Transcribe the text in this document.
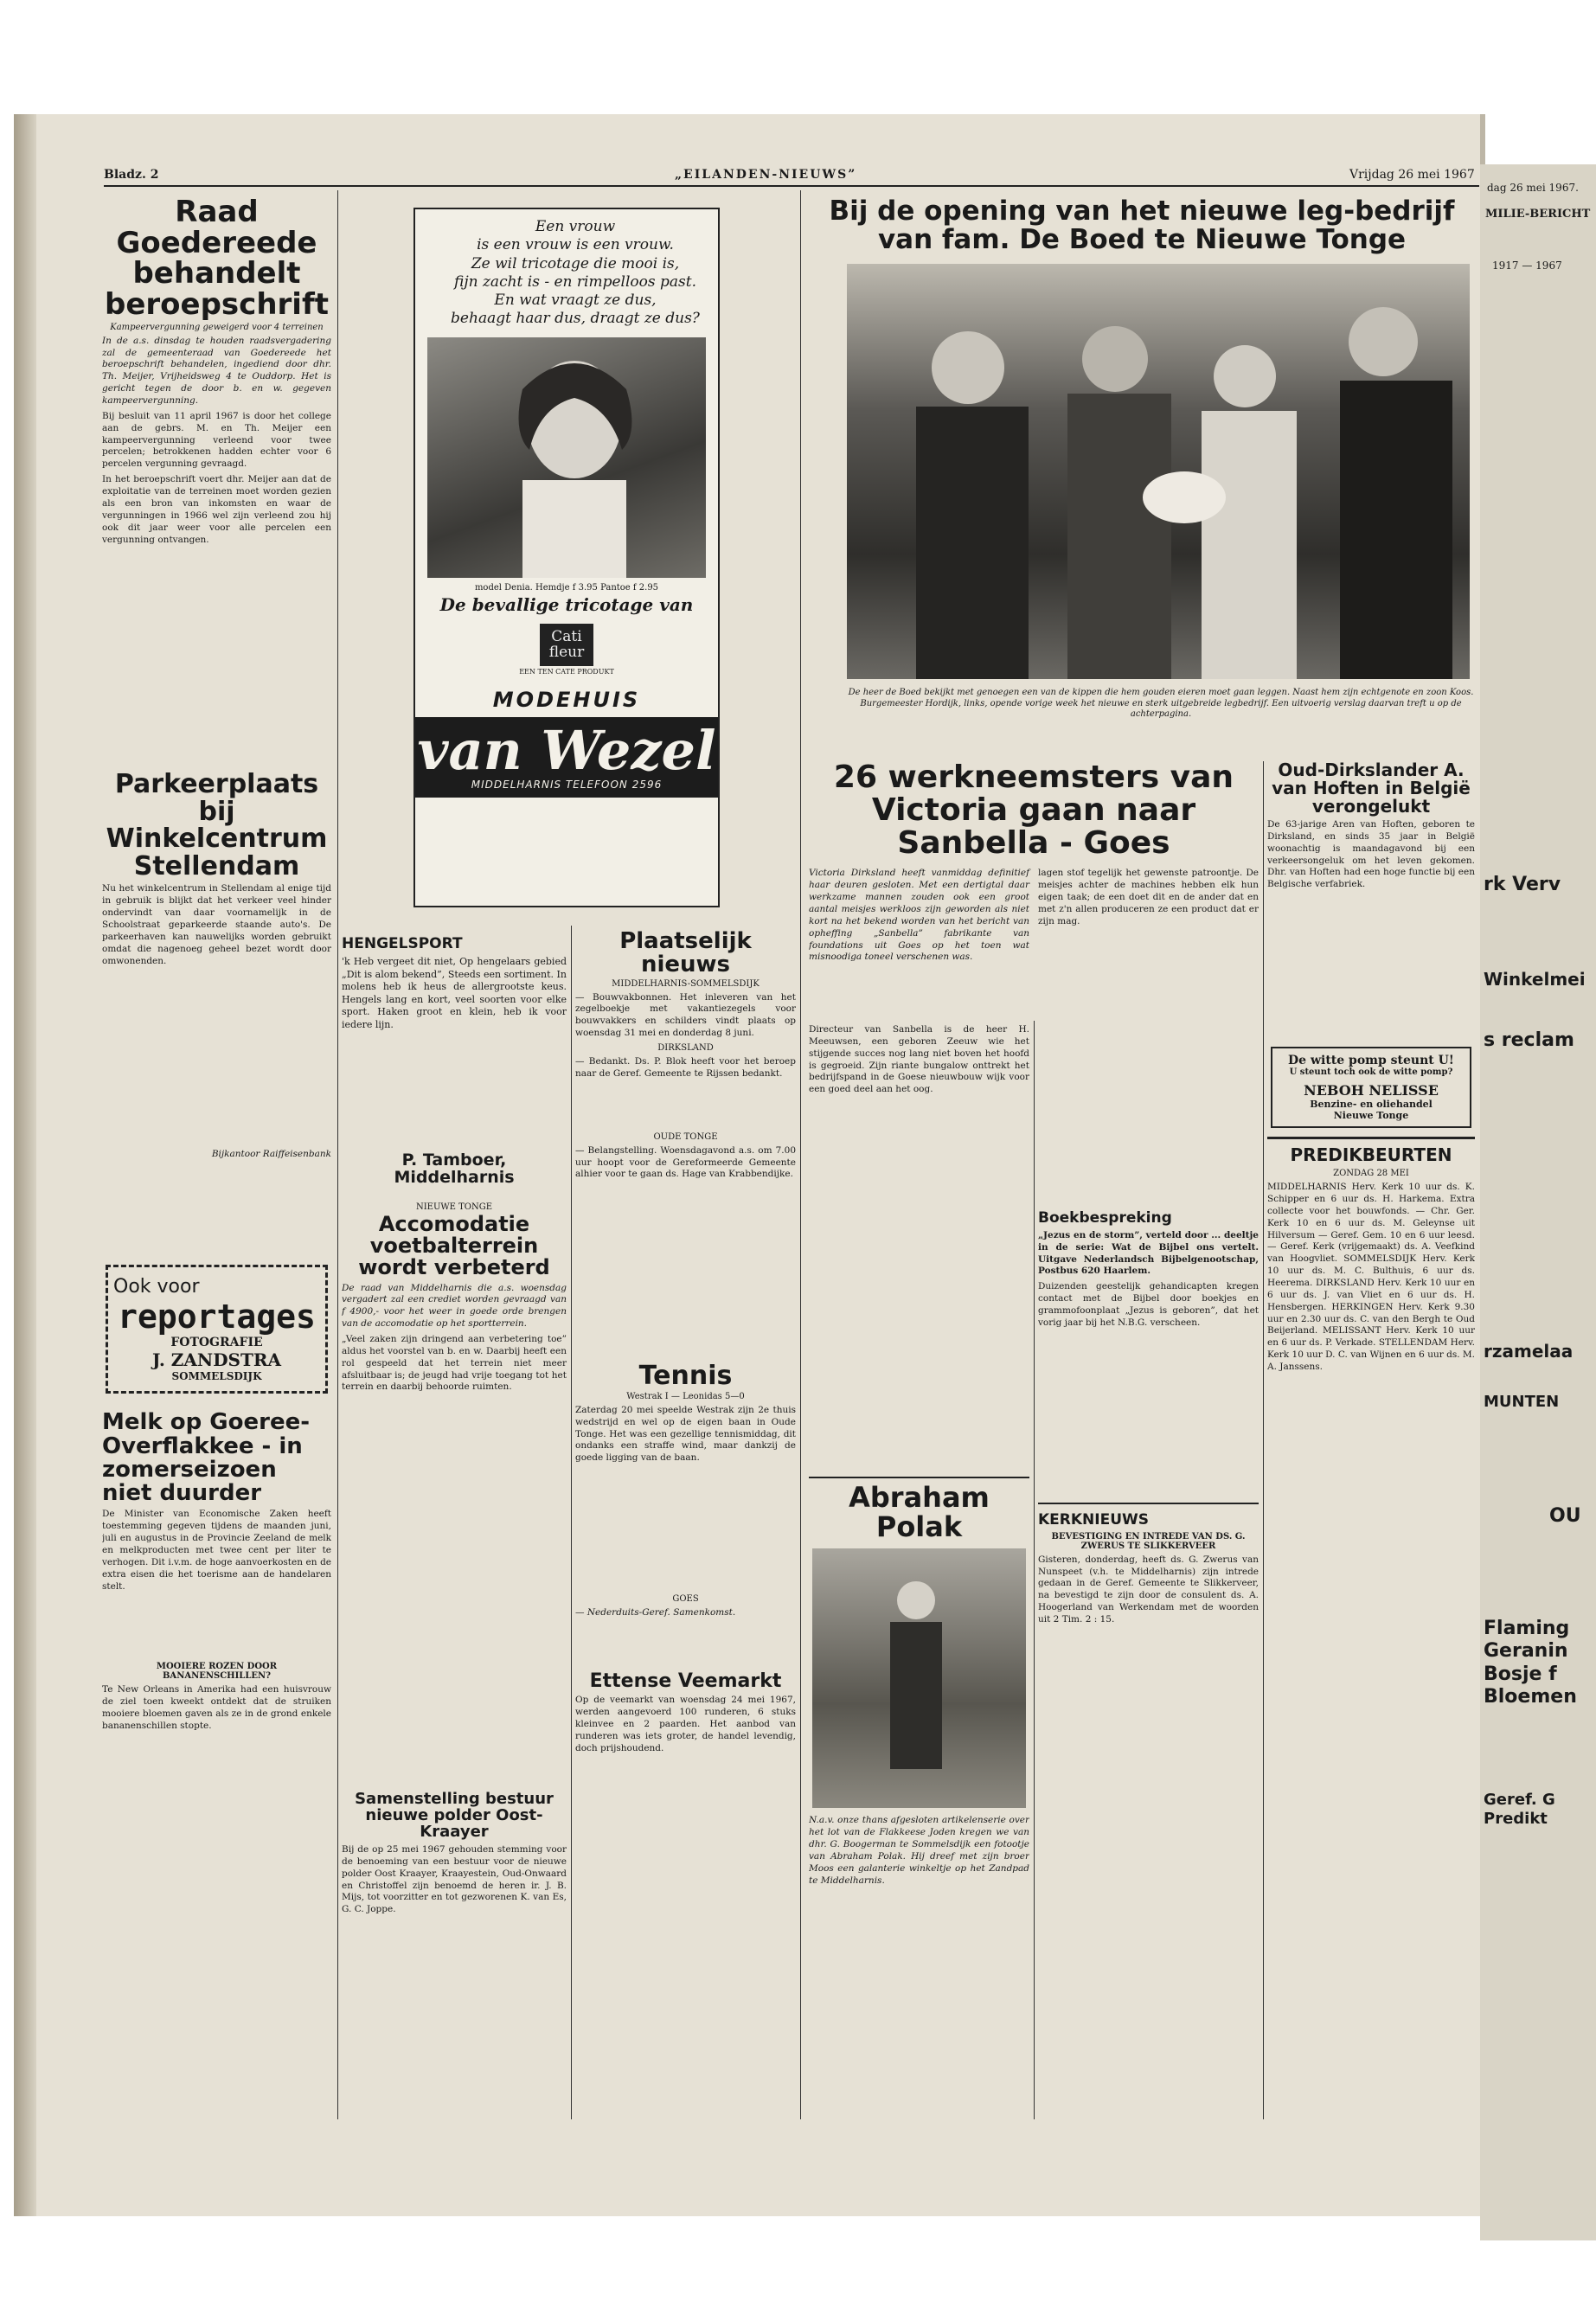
Bladz. 2	„EILANDEN-NIEUWS”	Vrijdag 26 mei 1967
Raad Goedereede behandelt beroepschrift

Kampeervergunning geweigerd voor 4 terreinen

In de a.s. dinsdag te houden raadsvergadering zal de gemeenteraad van Goedereede het beroepschrift behandelen, ingediend door dhr. Th. Meijer, Vrijheidsweg 4 te Ouddorp. Het is gericht tegen de door b. en w. gegeven kampeervergunning.

Bij besluit van 11 april 1967 is door het college aan de gebrs. M. en Th. Meijer een kampeervergunning verleend voor twee percelen; betrokkenen hadden echter voor 6 percelen vergunning gevraagd.

In het beroepschrift voert dhr. Meijer aan dat de exploitatie van de terreinen moet worden gezien als een bron van inkomsten en waar de vergunningen in 1966 wel zijn verleend zou hij ook dit jaar weer voor alle percelen een vergunning ontvangen.

Parkeerplaats bij Winkelcentrum Stellendam

Nu het winkelcentrum in Stellendam al enige tijd in gebruik is blijkt dat het verkeer veel hinder ondervindt van daar voornamelijk in de Schoolstraat geparkeerde staande auto's. De parkeerhaven kan nauwelijks worden gebruikt omdat die nagenoeg geheel bezet wordt door omwonenden.

Bijkantoor Raiffeisenbank

Ook voor
reportages
FOTOGRAFIE
J. ZANDSTRA
SOMMELSDIJK
Melk op Goeree-Overflakkee - in zomerseizoen niet duurder

De Minister van Economische Zaken heeft toestemming gegeven tijdens de maanden juni, juli en augustus in de Provincie Zeeland de melk en melkproducten met twee cent per liter te verhogen. Dit i.v.m. de hoge aanvoerkosten en de extra eisen die het toerisme aan de handelaren stelt.

MOOIERE ROZEN DOOR BANANENSCHILLEN?

Te New Orleans in Amerika had een huisvrouw de ziel toen kweekt ontdekt dat de struiken mooiere bloemen gaven als ze in de grond enkele bananenschillen stopte.

Een vrouw
is een vrouw is een vrouw.
Ze wil tricotage die mooi is,
fijn zacht is - en rimpelloos past.
En wat vraagt ze dus,
behaagt haar dus, draagt ze dus?
model Denia. Hemdje f 3.95 Pantoe f 2.95
De bevallige tricotage van
Cati
fleur
EEN TEN CATE PRODUKT
MODEHUIS
van Wezel
MIDDELHARNIS TELEFOON 2596
HENGELSPORT

'k Heb vergeet dit niet, Op hengelaars gebied „Dit is alom bekend”, Steeds een sortiment. In molens heb ik heus de allergrootste keus. Hengels lang en kort, veel soorten voor elke sport. Haken groot en klein, heb ik voor iedere lijn.

P. Tamboer, Middelharnis

NIEUWE TONGE

Accomodatie voetbalterrein wordt verbeterd

De raad van Middelharnis die a.s. woensdag vergadert zal een crediet worden gevraagd van f 4900,- voor het weer in goede orde brengen van de accomodatie op het sportterrein.

„Veel zaken zijn dringend aan verbetering toe” aldus het voorstel van b. en w. Daarbij heeft een rol gespeeld dat het terrein niet meer afsluitbaar is; de jeugd had vrije toegang tot het terrein en daarbij behoorde ruimten.

Samenstelling bestuur nieuwe polder Oost-Kraayer

Bij de op 25 mei 1967 gehouden stemming voor de benoeming van een bestuur voor de nieuwe polder Oost Kraayer, Kraayestein, Oud-Onwaard en Christoffel zijn benoemd de heren ir. J. B. Mijs, tot voorzitter en tot gezworenen K. van Es, G. C. Joppe.

Plaatselijk nieuws

MIDDELHARNIS-SOMMELSDIJK

— Bouwvakbonnen. Het inleveren van het zegelboekje met vakantiezegels voor bouwvakkers en schilders vindt plaats op woensdag 31 mei en donderdag 8 juni.

DIRKSLAND

— Bedankt. Ds. P. Blok heeft voor het beroep naar de Geref. Gemeente te Rijssen bedankt.

OUDE TONGE

— Belangstelling. Woensdagavond a.s. om 7.00 uur hoopt voor de Gereformeerde Gemeente alhier voor te gaan ds. Hage van Krabbendijke.

Tennis

Westrak I — Leonidas 5—0

Zaterdag 20 mei speelde Westrak zijn 2e thuis wedstrijd en wel op de eigen baan in Oude Tonge. Het was een gezellige tennismiddag, dit ondanks een straffe wind, maar dankzij de goede ligging van de baan.

GOES

— Nederduits-Geref. Samenkomst.

Ettense Veemarkt

Op de veemarkt van woensdag 24 mei 1967, werden aangevoerd 100 runderen, 6 stuks kleinvee en 2 paarden. Het aanbod van runderen was iets groter, de handel levendig, doch prijshoudend.

Bij de opening van het nieuwe leg-bedrijf van fam. De Boed te Nieuwe Tonge

De heer de Boed bekijkt met genoegen een van de kippen die hem gouden eieren moet gaan leggen. Naast hem zijn echtgenote en zoon Koos. Burgemeester Hordijk, links, opende vorige week het nieuwe en sterk uitgebreide legbedrijf. Een uitvoerig verslag daarvan treft u op de achterpagina.

26 werkneemsters van Victoria gaan naar Sanbella - Goes

Victoria Dirksland heeft vanmiddag definitief haar deuren gesloten. Met een dertigtal daar werkzame mannen zouden ook een groot aantal meisjes werkloos zijn geworden als niet kort na het bekend worden van het bericht van opheffing „Sanbella” fabrikante van foundations uit Goes op het toen wat misnoodiga toneel verschenen was.

lagen stof tegelijk het gewenste patroontje. De meisjes achter de machines hebben elk hun eigen taak; de een doet dit en de ander dat en met z'n allen produceren ze een product dat er zijn mag.

Directeur van Sanbella is de heer H. Meeuwsen, een geboren Zeeuw wie het stijgende succes nog lang niet boven het hoofd is gegroeid. Zijn riante bungalow onttrekt het bedrijfspand in de Goese nieuwbouw wijk voor een goed deel aan het oog.

Abraham Polak

N.a.v. onze thans afgesloten artikelenserie over het lot van de Flakkeese Joden kregen we van dhr. G. Boogerman te Sommelsdijk een fotootje van Abraham Polak. Hij dreef met zijn broer Moos een galanterie winkeltje op het Zandpad te Middelharnis.

Boekbespreking

„Jezus en de storm”, verteld door ... deeltje in de serie: Wat de Bijbel ons vertelt. Uitgave Nederlandsch Bijbelgenootschap, Postbus 620 Haarlem.

Duizenden geestelijk gehandicapten kregen contact met de Bijbel door boekjes en grammofoonplaat „Jezus is geboren”, dat het vorig jaar bij het N.B.G. verscheen.

KERKNIEUWS

BEVESTIGING EN INTREDE VAN DS. G. ZWERUS TE SLIKKERVEER

Gisteren, donderdag, heeft ds. G. Zwerus van Nunspeet (v.h. te Middelharnis) zijn intrede gedaan in de Geref. Gemeente te Slikkerveer, na bevestigd te zijn door de consulent ds. A. Hoogerland van Werkendam met de woorden uit 2 Tim. 2 : 15.

Oud-Dirkslander A. van Hoften in België verongelukt

De 63-jarige Aren van Hoften, geboren te Dirksland, en sinds 35 jaar in België woonachtig is maandagavond bij een verkeersongeluk om het leven gekomen. Dhr. van Hoften had een hoge functie bij een Belgische verfabriek.

De witte pomp steunt U!
U steunt toch ook de witte pomp?
NEBOH NELISSE
Benzine- en oliehandel
Nieuwe Tonge
PREDIKBEURTEN

ZONDAG 28 MEI

MIDDELHARNIS Herv. Kerk 10 uur ds. K. Schipper en 6 uur ds. H. Harkema. Extra collecte voor het bouwfonds. — Chr. Ger. Kerk 10 en 6 uur ds. M. Geleynse uit Hilversum — Geref. Gem. 10 en 6 uur leesd. — Geref. Kerk (vrijgemaakt) ds. A. Veefkind van Hoogvliet. SOMMELSDIJK Herv. Kerk 10 uur ds. M. C. Bulthuis, 6 uur ds. Heerema. DIRKSLAND Herv. Kerk 10 uur en 6 uur ds. J. van Vliet en 6 uur ds. H. Hensbergen. HERKINGEN Herv. Kerk 9.30 uur en 2.30 uur ds. C. van den Bergh te Oud Beijerland. MELISSANT Herv. Kerk 10 uur en 6 uur ds. P. Verkade. STELLENDAM Herv. Kerk 10 uur D. C. van Wijnen en 6 uur ds. M. A. Janssens.

dag 26 mei 1967.
MILIE-BERICHT
1917 — 1967
rk Verv
Winkelmei
s reclam
rzamelaa
MUNTEN
OU
Flaming Geranin Bosje f Bloemen
Geref. G Predikt
